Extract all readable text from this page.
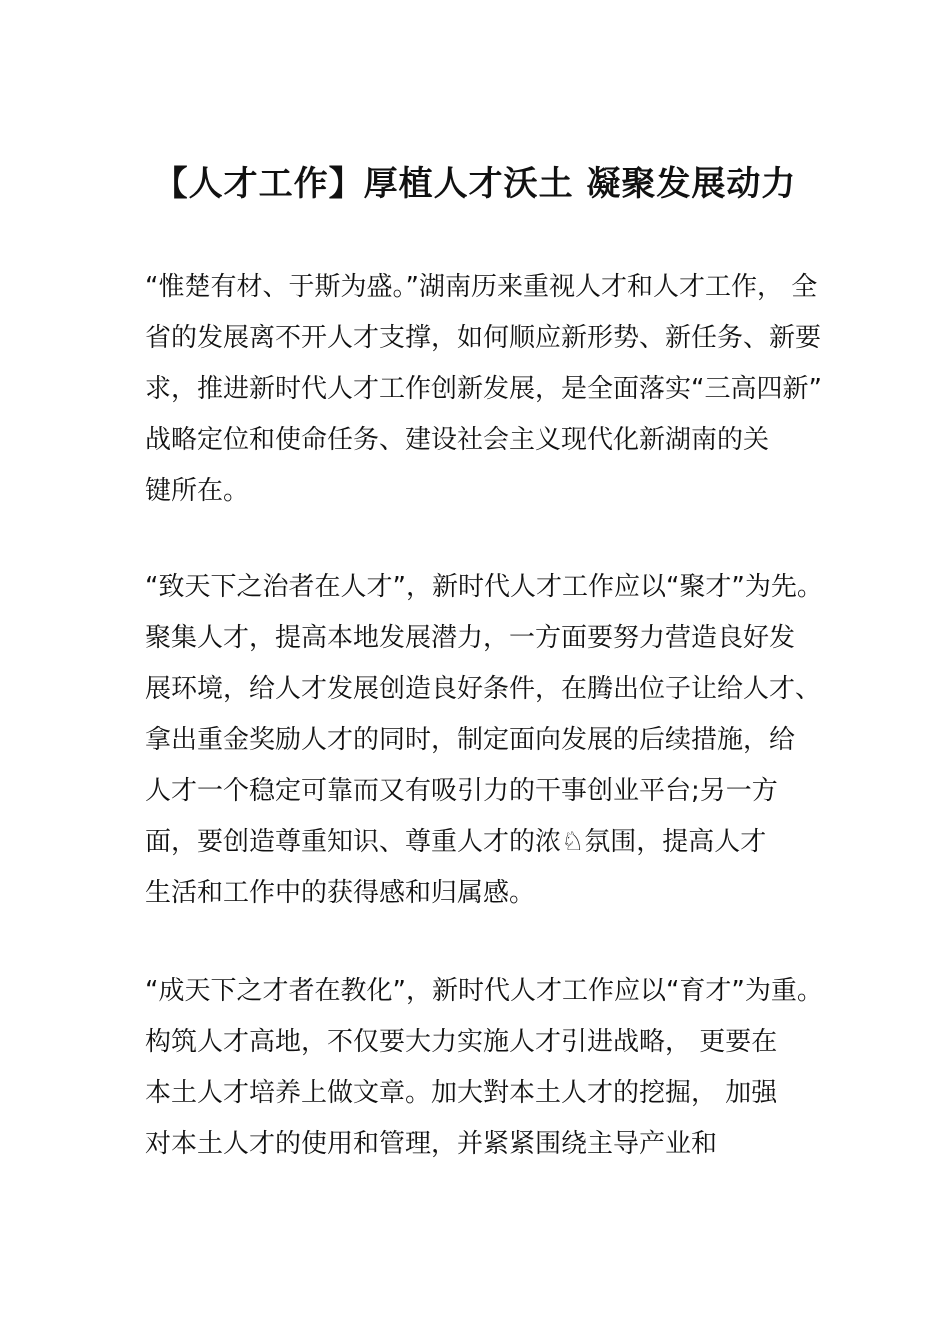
【人才工作】厚植人才沃土 凝聚发展动力
“惟楚有材、于斯为盛。”湖南历来重视人才和人才工作， 全
省的发展离不开人才支撑，如何顺应新形势、新任务、新要
求，推进新时代人才工作创新发展，是全面落实“三高四新”
战略定位和使命任务、建设社会主义现代化新湖南的关
键所在。
“致天下之治者在人才”，新时代人才工作应以“聚才”为先。
聚集人才，提高本地发展潜力，一方面要努力营造良好发
展环境，给人才发展创造良好条件，在腾出位子让给人才、
拿出重金奖励人才的同时，制定面向发展的后续措施，给
人才一个稳定可靠而又有吸引力的干事创业平台;另一方
面，要创造尊重知识、尊重人才的浓♘氛围，提高人才
生活和工作中的获得感和归属感。
“成天下之才者在教化”，新时代人才工作应以“育才”为重。
构筑人才高地，不仅要大力实施人才引进战略， 更要在
本土人才培养上做文章。加大對本土人才的挖掘， 加强
对本土人才的使用和管理，并紧紧围绕主导产业和
